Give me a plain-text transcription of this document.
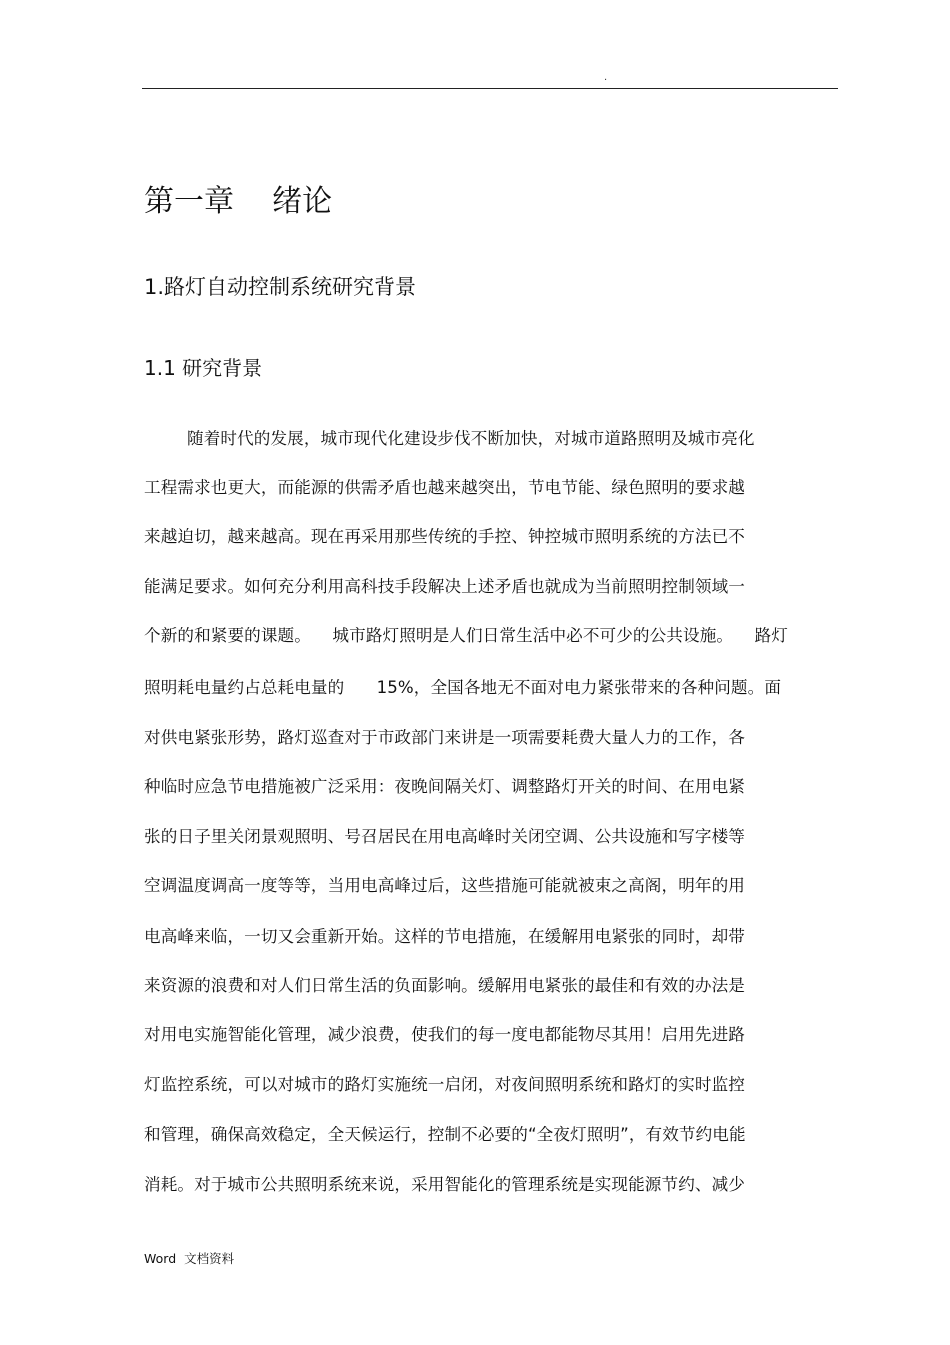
.
第一章    绪论
1.路灯自动控制系统研究背景
1.1 研究背景
随着时代的发展，城市现代化建设步伐不断加快，对城市道路照明及城市亮化
工程需求也更大，而能源的供需矛盾也越来越突出，节电节能、绿色照明的要求越
来越迫切，越来越高。现在再采用那些传统的手控、钟控城市照明系统的方法已不
能满足要求。如何充分利用高科技手段解决上述矛盾也就成为当前照明控制领域一
个新的和紧要的课题。    城市路灯照明是人们日常生活中必不可少的公共设施。    路灯
照明耗电量约占总耗电量的      15%，全国各地无不面对电力紧张带来的各种问题。面
对供电紧张形势，路灯巡查对于市政部门来讲是一项需要耗费大量人力的工作，各
种临时应急节电措施被广泛采用：夜晚间隔关灯、调整路灯开关的时间、在用电紧
张的日子里关闭景观照明、号召居民在用电高峰时关闭空调、公共设施和写字楼等
空调温度调高一度等等，当用电高峰过后，这些措施可能就被束之高阁，明年的用
电高峰来临，一切又会重新开始。这样的节电措施，在缓解用电紧张的同时，却带
来资源的浪费和对人们日常生活的负面影响。缓解用电紧张的最佳和有效的办法是
对用电实施智能化管理，减少浪费，使我们的每一度电都能物尽其用！启用先进路
灯监控系统，可以对城市的路灯实施统一启闭，对夜间照明系统和路灯的实时监控
和管理，确保高效稳定，全天候运行，控制不必要的“全夜灯照明”，有效节约电能
消耗。对于城市公共照明系统来说，采用智能化的管理系统是实现能源节约、减少
Word  文档资料
